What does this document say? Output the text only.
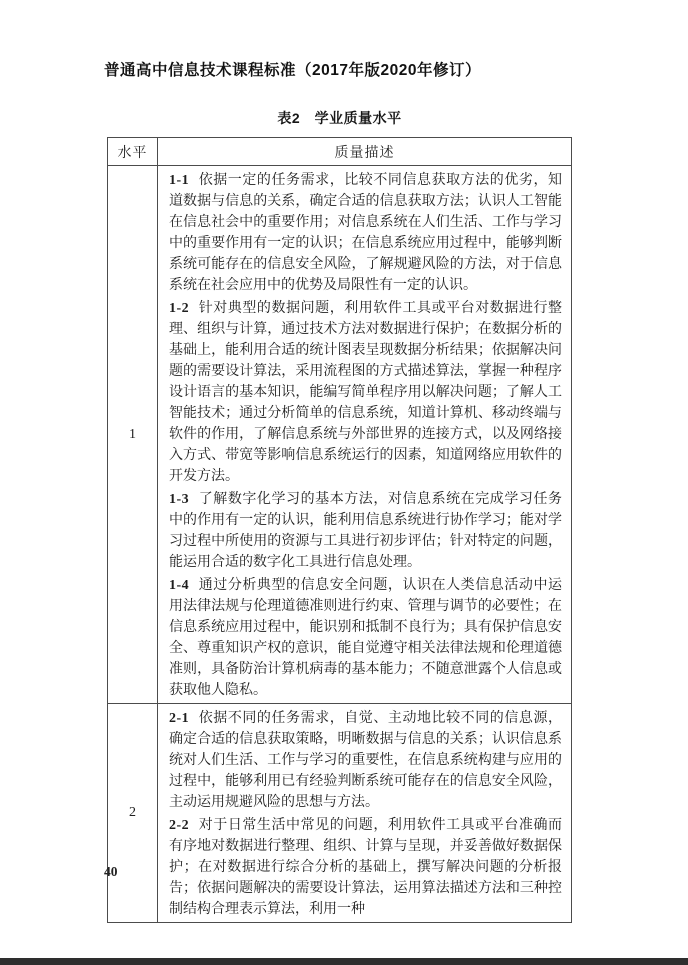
普通高中信息技术课程标准（2017年版2020年修订）
表2　学业质量水平
水平	质量描述
1	1-1 依据一定的任务需求，比较不同信息获取方法的优劣，知道数据与信息的关系，确定合适的信息获取方法；认识人工智能在信息社会中的重要作用；对信息系统在人们生活、工作与学习中的重要作用有一定的认识；在信息系统应用过程中，能够判断系统可能存在的信息安全风险，了解规避风险的方法，对于信息系统在社会应用中的优势及局限性有一定的认识。

1-2 针对典型的数据问题，利用软件工具或平台对数据进行整理、组织与计算，通过技术方法对数据进行保护；在数据分析的基础上，能利用合适的统计图表呈现数据分析结果；依据解决问题的需要设计算法，采用流程图的方式描述算法，掌握一种程序设计语言的基本知识，能编写简单程序用以解决问题；了解人工智能技术；通过分析简单的信息系统，知道计算机、移动终端与软件的作用，了解信息系统与外部世界的连接方式，以及网络接入方式、带宽等影响信息系统运行的因素，知道网络应用软件的开发方法。

1-3 了解数字化学习的基本方法，对信息系统在完成学习任务中的作用有一定的认识，能利用信息系统进行协作学习；能对学习过程中所使用的资源与工具进行初步评估；针对特定的问题，能运用合适的数字化工具进行信息处理。

1-4 通过分析典型的信息安全问题，认识在人类信息活动中运用法律法规与伦理道德准则进行约束、管理与调节的必要性；在信息系统应用过程中，能识别和抵制不良行为；具有保护信息安全、尊重知识产权的意识，能自觉遵守相关法律法规和伦理道德准则，具备防治计算机病毒的基本能力；不随意泄露个人信息或获取他人隐私。

2	2-1 依据不同的任务需求，自觉、主动地比较不同的信息源，确定合适的信息获取策略，明晰数据与信息的关系；认识信息系统对人们生活、工作与学习的重要性，在信息系统构建与应用的过程中，能够利用已有经验判断系统可能存在的信息安全风险，主动运用规避风险的思想与方法。

2-2 对于日常生活中常见的问题，利用软件工具或平台准确而有序地对数据进行整理、组织、计算与呈现，并妥善做好数据保护；在对数据进行综合分析的基础上，撰写解决问题的分析报告；依据问题解决的需要设计算法，运用算法描述方法和三种控制结构合理表示算法，利用一种

40
